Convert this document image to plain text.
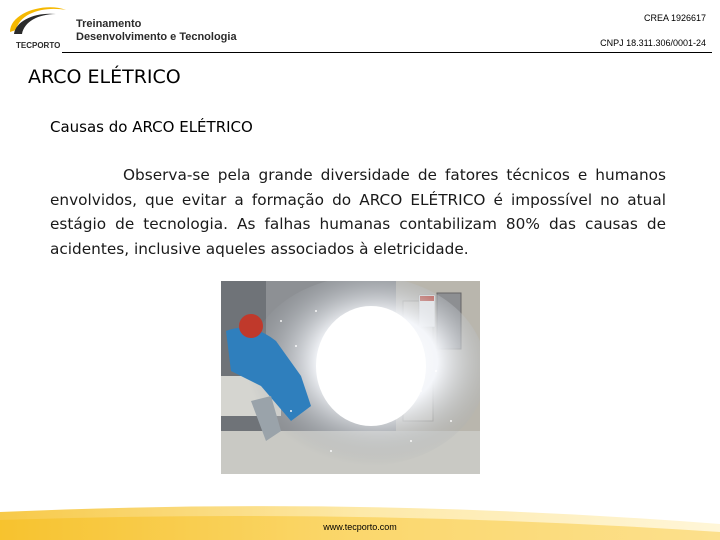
TECPORTO
Treinamento
Desenvolvimento e Tecnologia
CREA 1926617
CNPJ 18.311.306/0001-24
ARCO ELÉTRICO
Causas do ARCO ELÉTRICO
Observa-se pela grande diversidade de fatores técnicos e humanos envolvidos, que evitar a formação do ARCO ELÉTRICO é impossível no atual estágio de tecnologia. As falhas humanas contabilizam 80% das causas de acidentes, inclusive aqueles associados à eletricidade.
www.tecporto.com
